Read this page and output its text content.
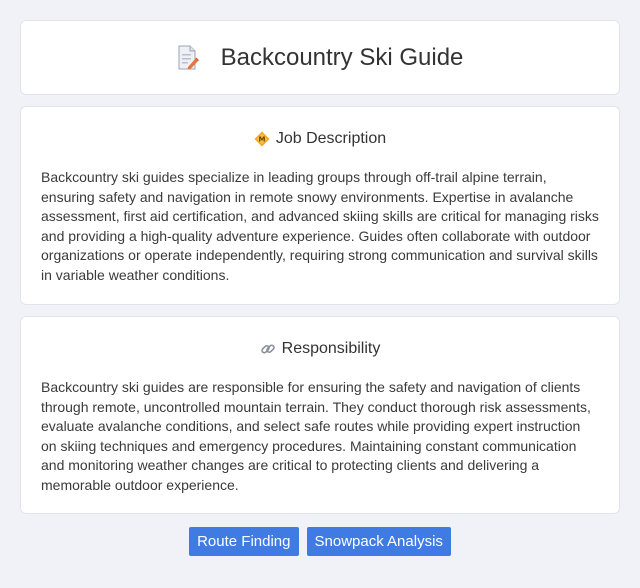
Backcountry Ski Guide
M Job Description

Backcountry ski guides specialize in leading groups through off-trail alpine terrain, ensuring safety and navigation in remote snowy environments. Expertise in avalanche assessment, first aid certification, and advanced skiing skills are critical for managing risks and providing a high-quality adventure experience. Guides often collaborate with outdoor organizations or operate independently, requiring strong communication and survival skills in variable weather conditions.

Responsibility

Backcountry ski guides are responsible for ensuring the safety and navigation of clients through remote, uncontrolled mountain terrain. They conduct thorough risk assessments, evaluate avalanche conditions, and select safe routes while providing expert instruction on skiing techniques and emergency procedures. Maintaining constant communication and monitoring weather changes are critical to protecting clients and delivering a memorable outdoor experience.

Route Finding	Snowpack Analysis
